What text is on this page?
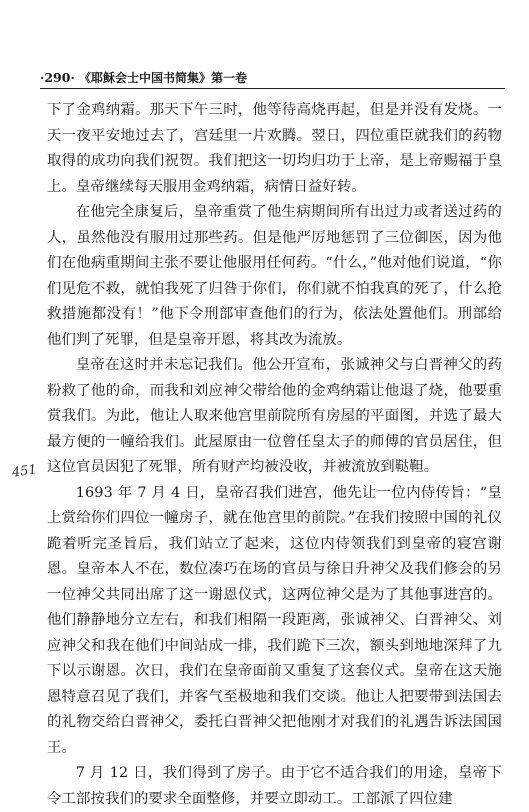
·290· 《耶稣会士中国书简集》第一卷
451

下了金鸡纳霜。那天下午三时，他等待高烧再起，但是并没有发烧。一天一夜平安地过去了，宫廷里一片欢腾。翌日，四位重臣就我们的药物取得的成功向我们祝贺。我们把这一切均归功于上帝，是上帝赐福于皇上。皇帝继续每天服用金鸡纳霜，病情日益好转。

在他完全康复后，皇帝重赏了他生病期间所有出过力或者送过药的人，虽然他没有服用过那些药。但是他严厉地惩罚了三位御医，因为他们在他病重期间主张不要让他服用任何药。“什么，”他对他们说道，“你们见危不救，就怕我死了归咎于你们，你们就不怕我真的死了，什么抢救措施都没有！”他下令刑部审查他们的行为，依法处置他们。刑部给他们判了死罪，但是皇帝开恩，将其改为流放。

皇帝在这时并未忘记我们。他公开宣布，张诚神父与白晋神父的药粉救了他的命，而我和刘应神父带给他的金鸡纳霜让他退了烧，他要重赏我们。为此，他让人取来他宫里前院所有房屋的平面图，并选了最大最方便的一幢给我们。此屋原由一位曾任皇太子的师傅的官员居住，但这位官员因犯了死罪，所有财产均被没收，并被流放到鞑靼。

1693 年 7 月 4 日，皇帝召我们进宫，他先让一位内侍传旨：“皇上赏给你们四位一幢房子，就在他宫里的前院。”在我们按照中国的礼仪跪着听完圣旨后，我们站立了起来，这位内侍领我们到皇帝的寝宫谢恩。皇帝本人不在，数位凑巧在场的官员与徐日升神父及我们修会的另一位神父共同出席了这一谢恩仪式，这两位神父是为了其他事进宫的。他们静静地分立左右，和我们相隔一段距离，张诚神父、白晋神父、刘应神父和我在他们中间站成一排，我们跪下三次，额头到地地深拜了九下以示谢恩。次日，我们在皇帝面前又重复了这套仪式。皇帝在这天施恩特意召见了我们，并客气至极地和我们交谈。他让人把要带到法国去的礼物交给白晋神父，委托白晋神父把他刚才对我们的礼遇告诉法国国王。

7 月 12 日，我们得到了房子。由于它不适合我们的用途，皇帝下令工部按我们的要求全面整修，并要立即动工。工部派了四位建
